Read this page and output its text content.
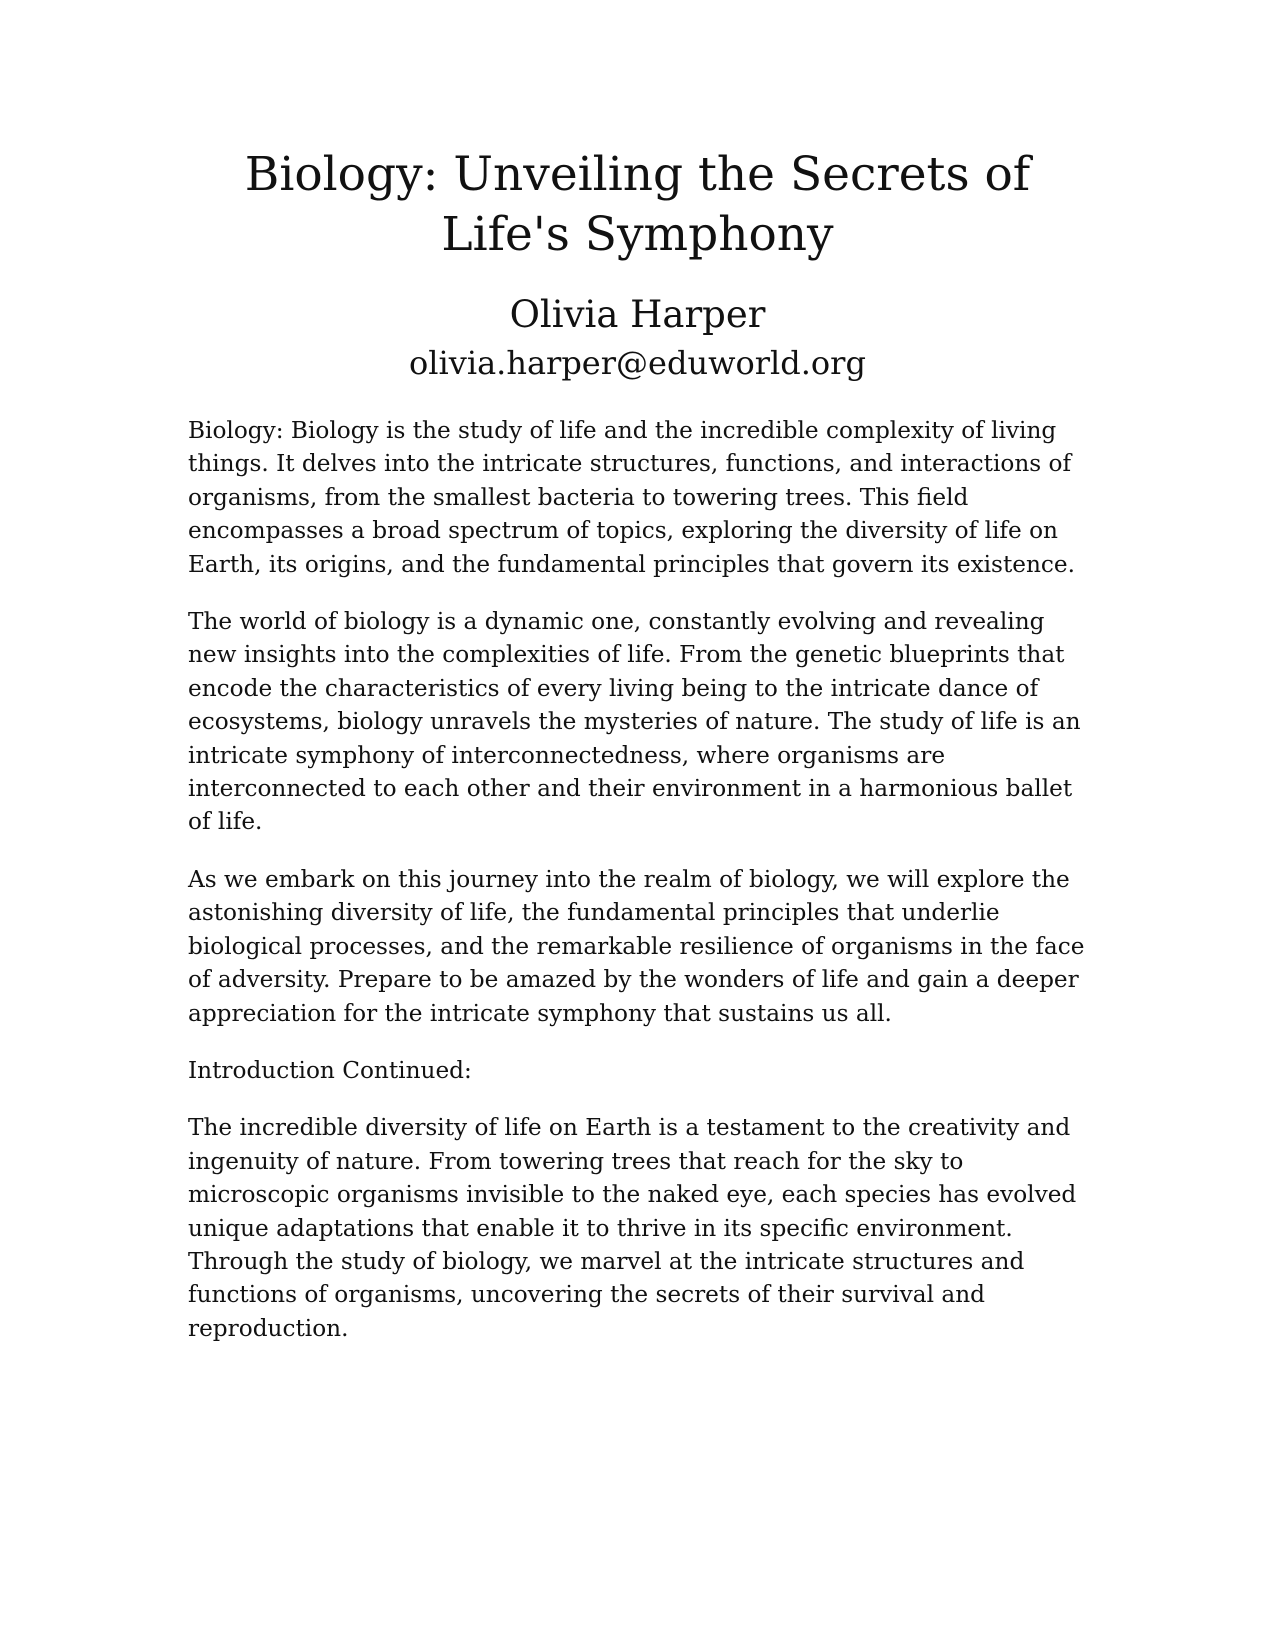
Biology: Unveiling the Secrets of Life's Symphony
Olivia Harper
olivia.harper@eduworld.org

Biology: Biology is the study of life and the incredible complexity of living things. It delves into the intricate structures, functions, and interactions of organisms, from the smallest bacteria to towering trees. This field encompasses a broad spectrum of topics, exploring the diversity of life on Earth, its origins, and the fundamental principles that govern its existence.

The world of biology is a dynamic one, constantly evolving and revealing new insights into the complexities of life. From the genetic blueprints that encode the characteristics of every living being to the intricate dance of ecosystems, biology unravels the mysteries of nature. The study of life is an intricate symphony of interconnectedness, where organisms are interconnected to each other and their environment in a harmonious ballet of life.

As we embark on this journey into the realm of biology, we will explore the astonishing diversity of life, the fundamental principles that underlie biological processes, and the remarkable resilience of organisms in the face of adversity. Prepare to be amazed by the wonders of life and gain a deeper appreciation for the intricate symphony that sustains us all.

Introduction Continued:

The incredible diversity of life on Earth is a testament to the creativity and ingenuity of nature. From towering trees that reach for the sky to microscopic organisms invisible to the naked eye, each species has evolved unique adaptations that enable it to thrive in its specific environment. Through the study of biology, we marvel at the intricate structures and functions of organisms, uncovering the secrets of their survival and reproduction.
